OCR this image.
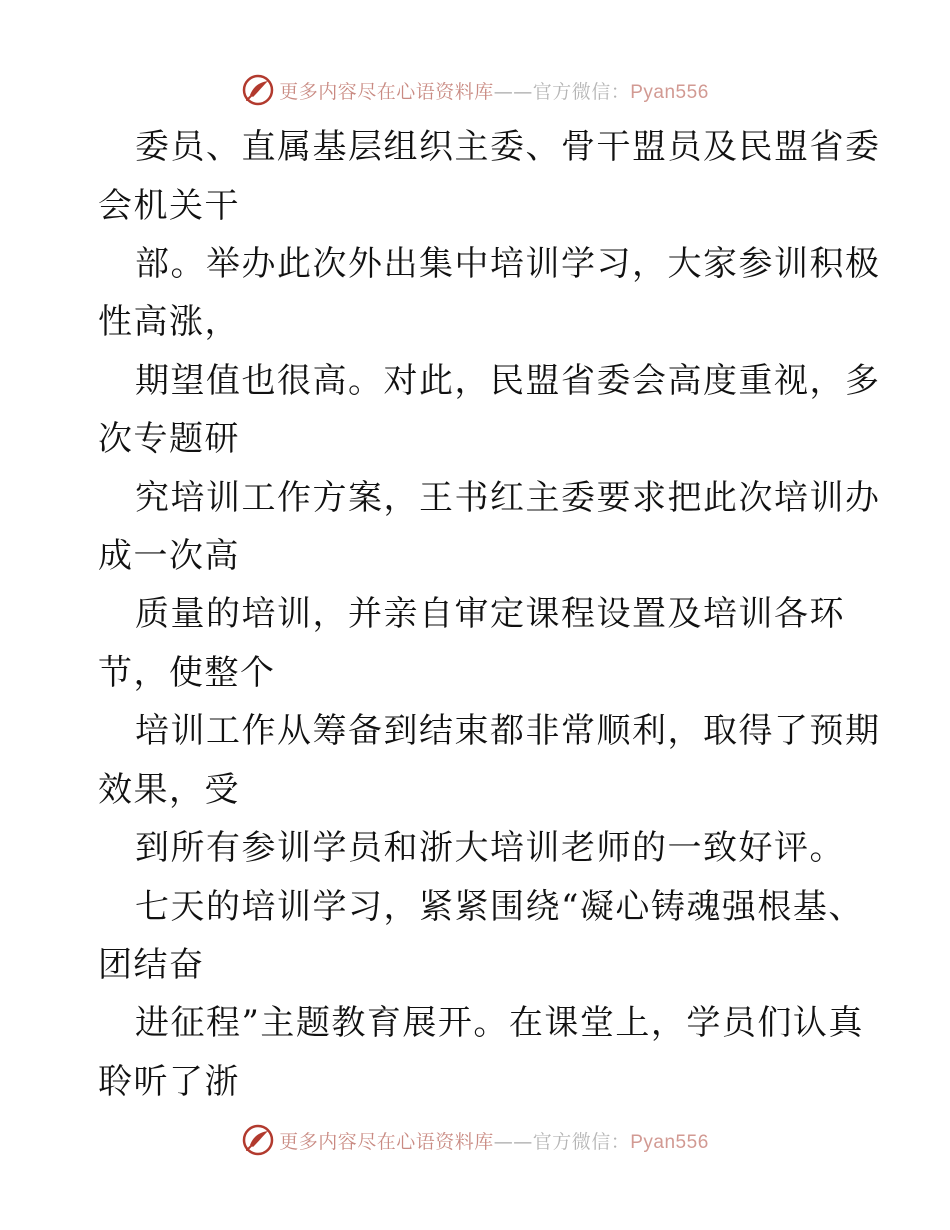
更多内容尽在心语资料库——官方微信：Pyan556
委员、直属基层组织主委、骨干盟员及民盟省委
会机关干
部。举办此次外出集中培训学习，大家参训积极
性高涨，
期望值也很高。对此，民盟省委会高度重视，多
次专题研
究培训工作方案，王书红主委要求把此次培训办
成一次高
质量的培训，并亲自审定课程设置及培训各环
节，使整个
培训工作从筹备到结束都非常顺利，取得了预期
效果，受
到所有参训学员和浙大培训老师的一致好评。
七天的培训学习，紧紧围绕“凝心铸魂强根基、
团结奋
进征程”主题教育展开。在课堂上，学员们认真
聆听了浙
更多内容尽在心语资料库——官方微信：Pyan556
